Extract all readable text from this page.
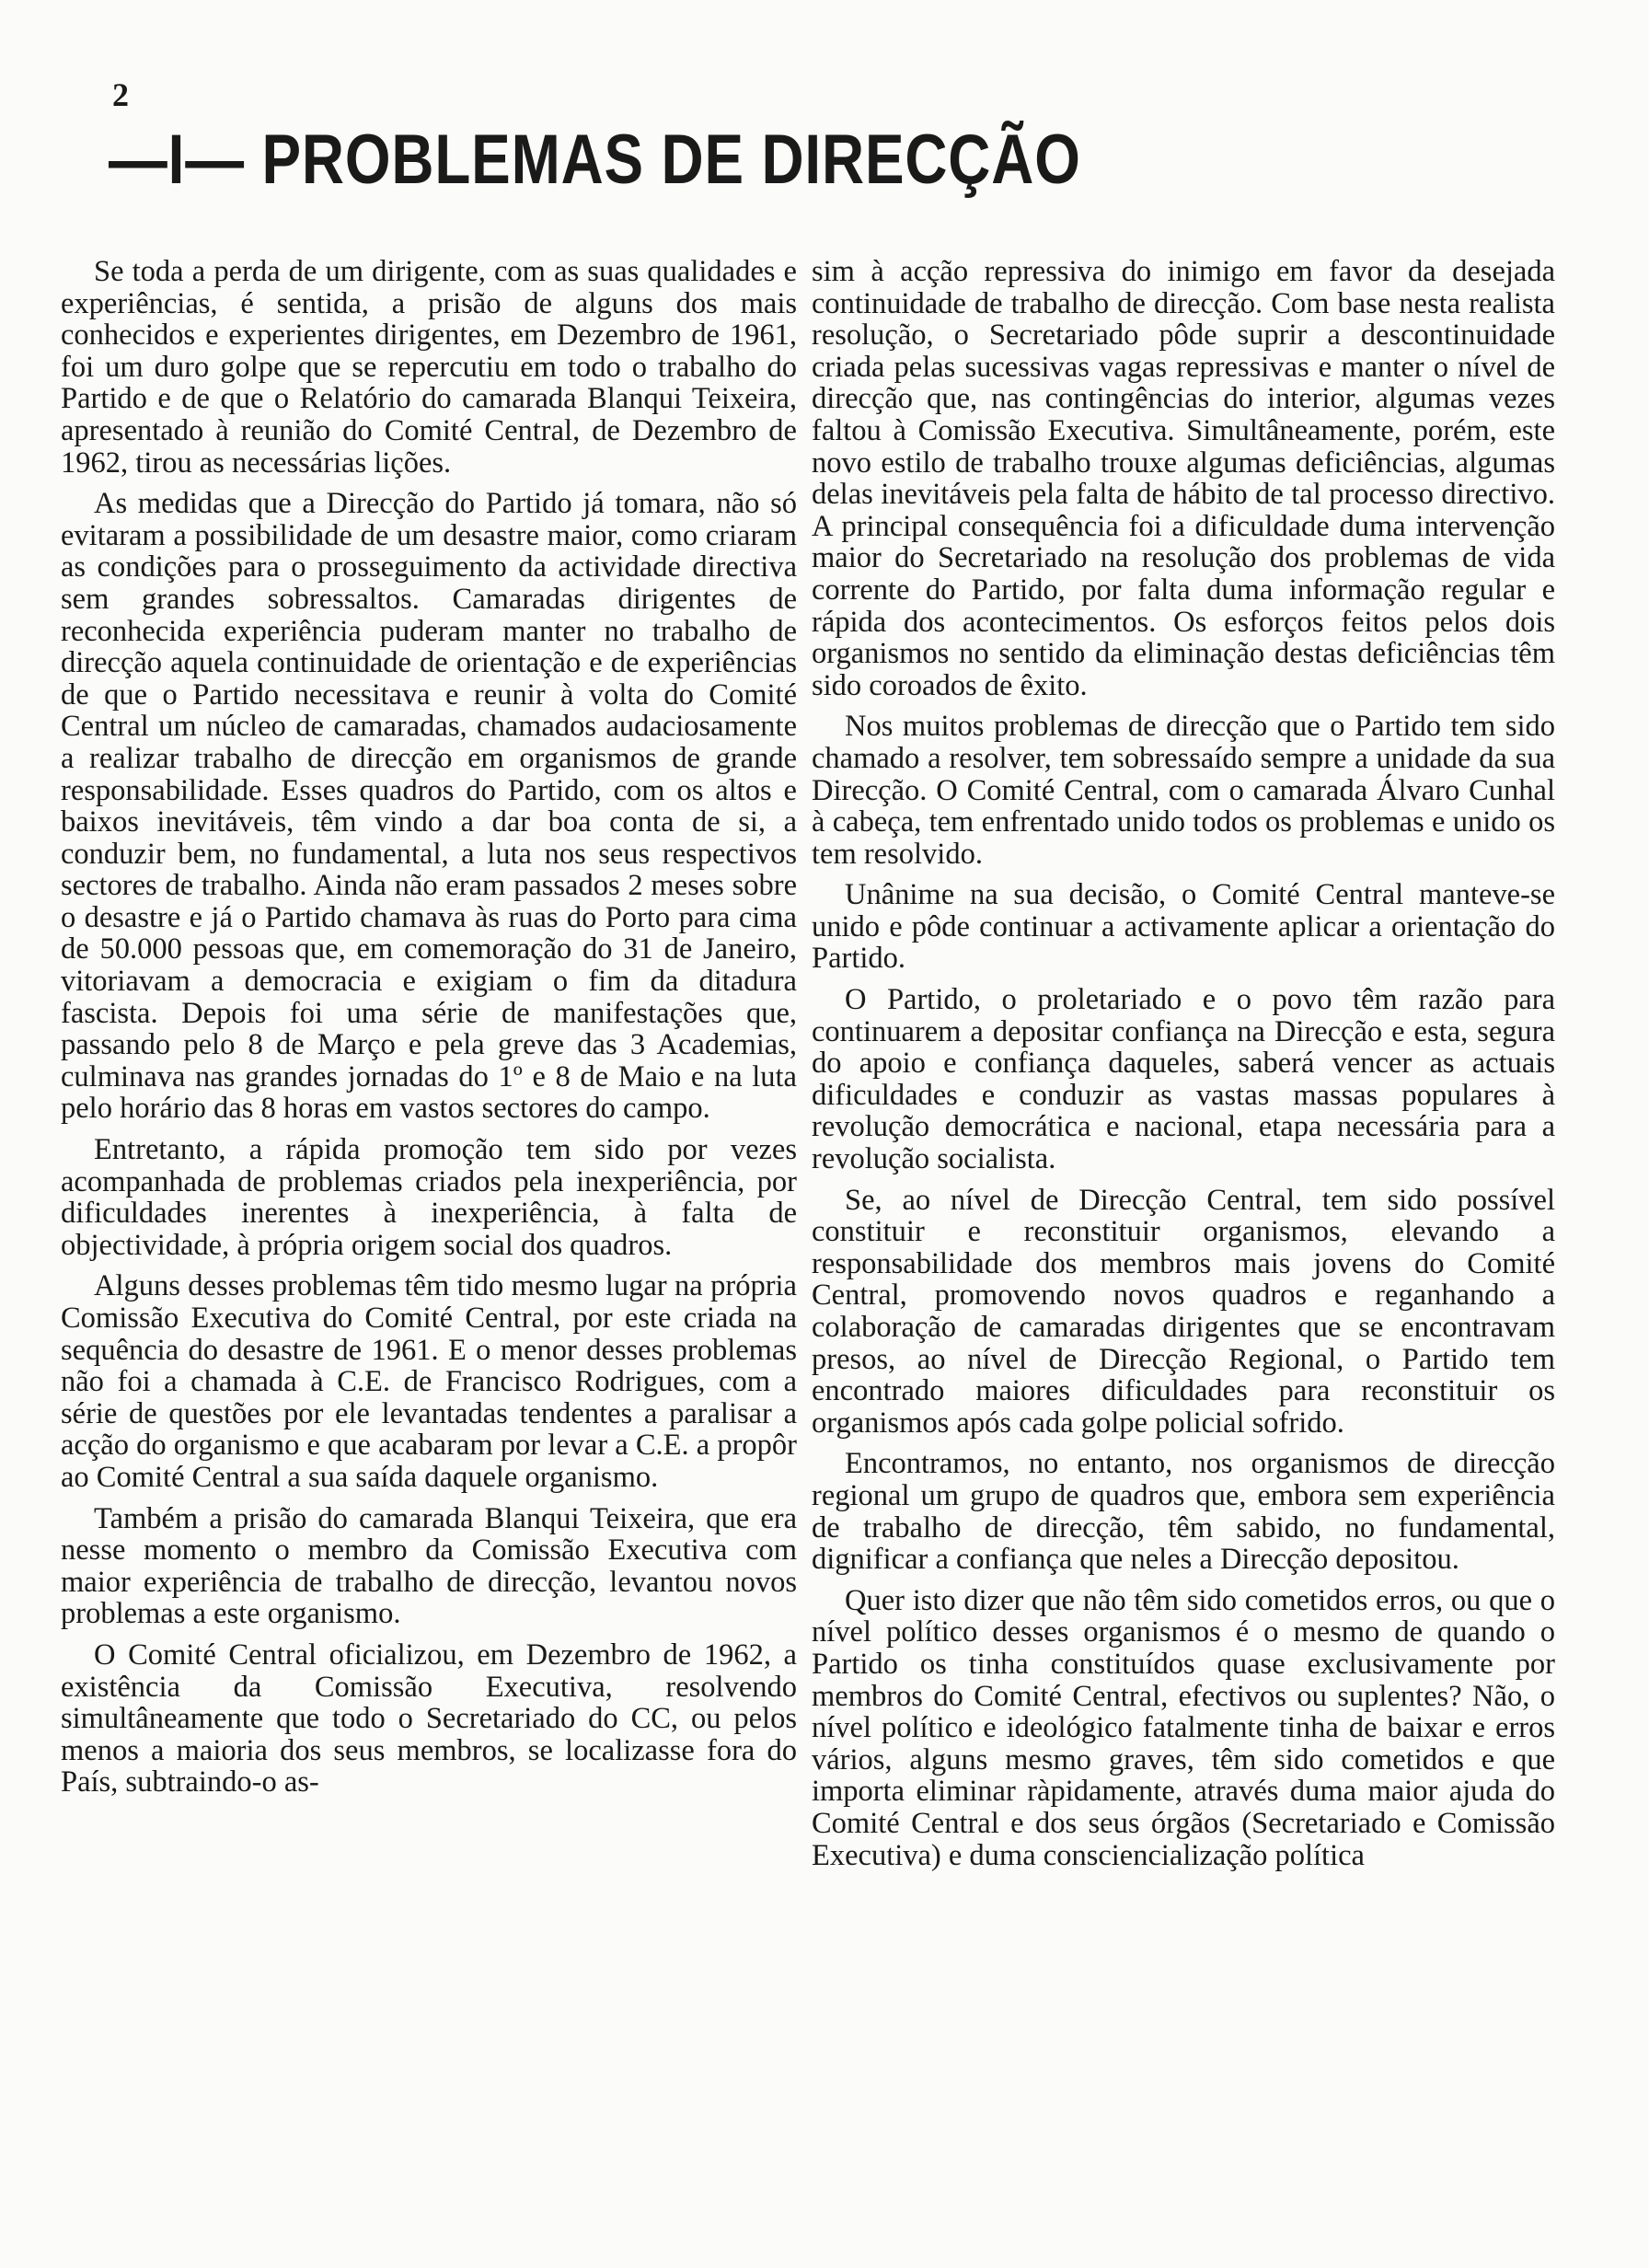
2
—I— PROBLEMAS DE DIRECÇÃO

Se toda a perda de um dirigente, com as suas qualidades e experiências, é sentida, a prisão de alguns dos mais conhecidos e experientes dirigentes, em Dezembro de 1961, foi um duro golpe que se repercutiu em todo o trabalho do Partido e de que o Relatório do camarada Blanqui Teixeira, apresentado à reunião do Comité Central, de Dezembro de 1962, tirou as necessárias lições.

As medidas que a Direcção do Partido já tomara, não só evitaram a possibilidade de um desastre maior, como criaram as condições para o prosseguimento da actividade directiva sem grandes sobressaltos. Camaradas dirigentes de reconhecida experiência puderam manter no trabalho de direcção aquela continuidade de orientação e de experiências de que o Partido necessitava e reunir à volta do Comité Central um núcleo de camaradas, chamados audaciosamente a realizar trabalho de direcção em organismos de grande responsabilidade. Esses quadros do Partido, com os altos e baixos inevitáveis, têm vindo a dar boa conta de si, a conduzir bem, no fundamental, a luta nos seus respectivos sectores de trabalho. Ainda não eram passados 2 meses sobre o desastre e já o Partido chamava às ruas do Porto para cima de 50.000 pessoas que, em comemoração do 31 de Janeiro, vitoriavam a democracia e exigiam o fim da ditadura fascista. Depois foi uma série de manifestações que, passando pelo 8 de Março e pela greve das 3 Academias, culminava nas grandes jornadas do 1º e 8 de Maio e na luta pelo horário das 8 horas em vastos sectores do campo.

Entretanto, a rápida promoção tem sido por vezes acompanhada de problemas criados pela inexperiência, por dificuldades inerentes à inexperiência, à falta de objectividade, à própria origem social dos quadros.

Alguns desses problemas têm tido mesmo lugar na própria Comissão Executiva do Comité Central, por este criada na sequência do desastre de 1961. E o menor desses problemas não foi a chamada à C.E. de Francisco Rodrigues, com a série de questões por ele levantadas tendentes a paralisar a acção do organismo e que acabaram por levar a C.E. a propôr ao Comité Central a sua saída daquele organismo.

Também a prisão do camarada Blanqui Teixeira, que era nesse momento o membro da Comissão Executiva com maior experiência de trabalho de direcção, levantou novos problemas a este organismo.

O Comité Central oficializou, em Dezembro de 1962, a existência da Comissão Executiva, resolvendo simultâneamente que todo o Secretariado do CC, ou pelos menos a maioria dos seus membros, se localizasse fora do País, subtraindo-o as-

sim à acção repressiva do inimigo em favor da desejada continuidade de trabalho de direcção. Com base nesta realista resolução, o Secretariado pôde suprir a descontinuidade criada pelas sucessivas vagas repressivas e manter o nível de direcção que, nas contingências do interior, algumas vezes faltou à Comissão Executiva. Simultâneamente, porém, este novo estilo de trabalho trouxe algumas deficiências, algumas delas inevitáveis pela falta de hábito de tal processo directivo. A principal consequência foi a dificuldade duma intervenção maior do Secretariado na resolução dos problemas de vida corrente do Partido, por falta duma informação regular e rápida dos acontecimentos. Os esforços feitos pelos dois organismos no sentido da eliminação destas deficiências têm sido coroados de êxito.

Nos muitos problemas de direcção que o Partido tem sido chamado a resolver, tem sobressaído sempre a unidade da sua Direcção. O Comité Central, com o camarada Álvaro Cunhal à cabeça, tem enfrentado unido todos os problemas e unido os tem resolvido.

Unânime na sua decisão, o Comité Central manteve-se unido e pôde continuar a activamente aplicar a orientação do Partido.

O Partido, o proletariado e o povo têm razão para continuarem a depositar confiança na Direcção e esta, segura do apoio e confiança daqueles, saberá vencer as actuais dificuldades e conduzir as vastas massas populares à revolução democrática e nacional, etapa necessária para a revolução socialista.

Se, ao nível de Direcção Central, tem sido possível constituir e reconstituir organismos, elevando a responsabilidade dos membros mais jovens do Comité Central, promovendo novos quadros e reganhando a colaboração de camaradas dirigentes que se encontravam presos, ao nível de Direcção Regional, o Partido tem encontrado maiores dificuldades para reconstituir os organismos após cada golpe policial sofrido.

Encontramos, no entanto, nos organismos de direcção regional um grupo de quadros que, embora sem experiência de trabalho de direcção, têm sabido, no fundamental, dignificar a confiança que neles a Direcção depositou.

Quer isto dizer que não têm sido cometidos erros, ou que o nível político desses organismos é o mesmo de quando o Partido os tinha constituídos quase exclusivamente por membros do Comité Central, efectivos ou suplentes? Não, o nível político e ideológico fatalmente tinha de baixar e erros vários, alguns mesmo graves, têm sido cometidos e que importa eliminar ràpidamente, através duma maior ajuda do Comité Central e dos seus órgãos (Secretariado e Comissão Executiva) e duma consciencialização política
